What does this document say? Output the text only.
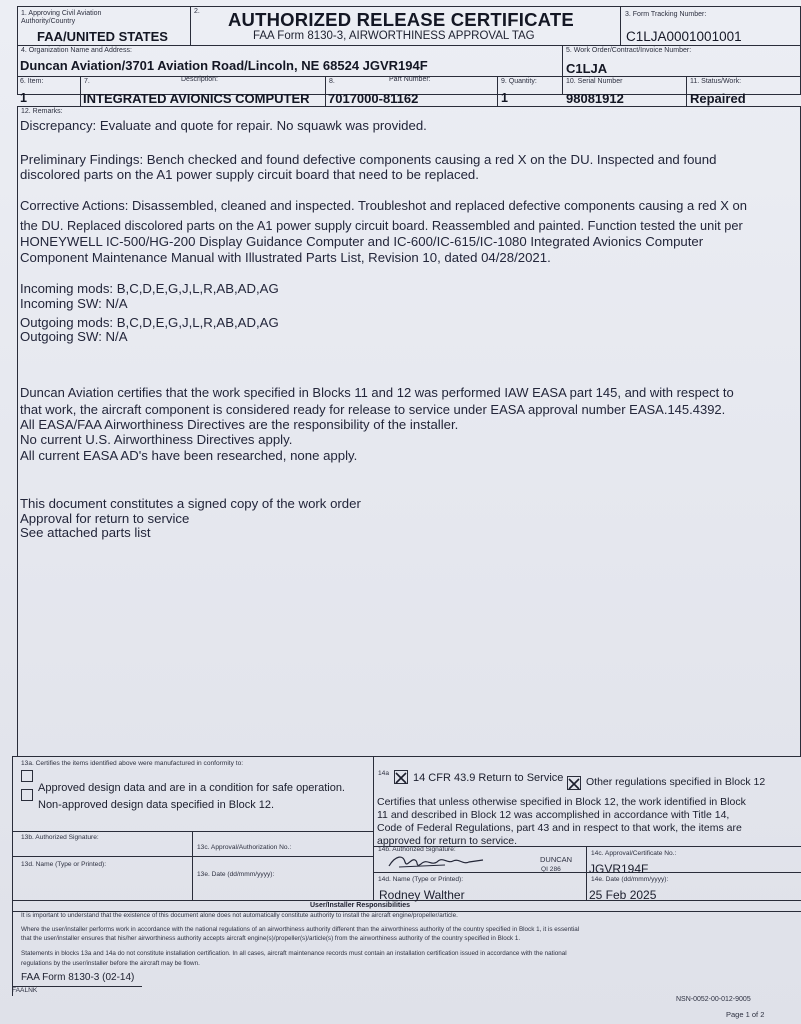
1. Approving Civil Aviation Authority/Country
FAA/UNITED STATES
2. AUTHORIZED RELEASE CERTIFICATE
FAA Form 8130-3, AIRWORTHINESS APPROVAL TAG
3. Form Tracking Number:
C1LJA0001001001
4. Organization Name and Address:
Duncan Aviation/3701 Aviation Road/Lincoln, NE 68524 JGVR194F
5. Work Order/Contract/Invoice Number:
C1LJA
6. Item:
1
7.	Description:
INTEGRATED AVIONICS COMPUTER
8.	Part Number:
7017000-81162
9. Quantity:
1
10. Serial Number
98081912
11. Status/Work:
Repaired
12. Remarks:
Discrepancy: Evaluate and quote for repair. No squawk was provided.
Preliminary Findings: Bench checked and found defective components causing a red X on the DU. Inspected and found
discolored parts on the A1 power supply circuit board that need to be replaced.
Corrective Actions: Disassembled, cleaned and inspected. Troubleshot and replaced defective components causing a red X on
the DU. Replaced discolored parts on the A1 power supply circuit board. Reassembled and painted. Function tested the unit per
HONEYWELL IC-500/HG-200 Display Guidance Computer and IC-600/IC-615/IC-1080 Integrated Avionics Computer
Component Maintenance Manual with Illustrated Parts List, Revision 10, dated 04/28/2021.
Incoming mods: B,C,D,E,G,J,L,R,AB,AD,AG
Incoming SW: N/A
Outgoing mods: B,C,D,E,G,J,L,R,AB,AD,AG
Outgoing SW: N/A
Duncan Aviation certifies that the work specified in Blocks 11 and 12 was performed IAW EASA part 145, and with respect to
that work, the aircraft component is considered ready for release to service under EASA approval number EASA.145.4392.
All EASA/FAA Airworthiness Directives are the responsibility of the installer.
No current U.S. Airworthiness Directives apply.
All current EASA AD's have been researched, none apply.
This document constitutes a signed copy of the work order
Approval for return to service
See attached parts list
13a. Certifies the items identified above were manufactured in conformity to:
Approved design data and are in a condition for safe operation.
Non-approved design data specified in Block 12.
13b. Authorized Signature:
13c. Approval/Authorization No.:
13d. Name (Type or Printed):
13e. Date (dd/mmm/yyyy):
14a 14 CFR 43.9 Return to Service Other regulations specified in Block 12
Certifies that unless otherwise specified in Block 12, the work identified in Block
11 and described in Block 12 was accomplished in accordance with Title 14,
Code of Federal Regulations, part 43 and in respect to that work, the items are
approved for return to service.
14b. Authorized Signature:
DUNCAN
QI 286
14c. Approval/Certificate No.:
JGVR194F
14d. Name (Type or Printed):
Rodney Walther
14e. Date (dd/mmm/yyyy):
25 Feb 2025
User/Installer Responsibilities
It is important to understand that the existence of this document alone does not automatically constitute authority to install the aircraft engine/propeller/article.
Where the user/installer performs work in accordance with the national regulations of an airworthiness authority different than the airworthiness authority of the country specified in Block 1, it is essential
that the user/installer ensures that his/her airworthiness authority accepts aircraft engine(s)/propeller(s)/article(s) from the airworthiness authority of the country specified in Block 1.
Statements in blocks 13a and 14a do not constitute installation certification. In all cases, aircraft maintenance records must contain an installation certification issued in accordance with the national
regulations by the user/installer before the aircraft may be flown.
FAA Form 8130-3 (02-14)
FAALNK
NSN-0052-00-012-9005
Page 1 of 2
